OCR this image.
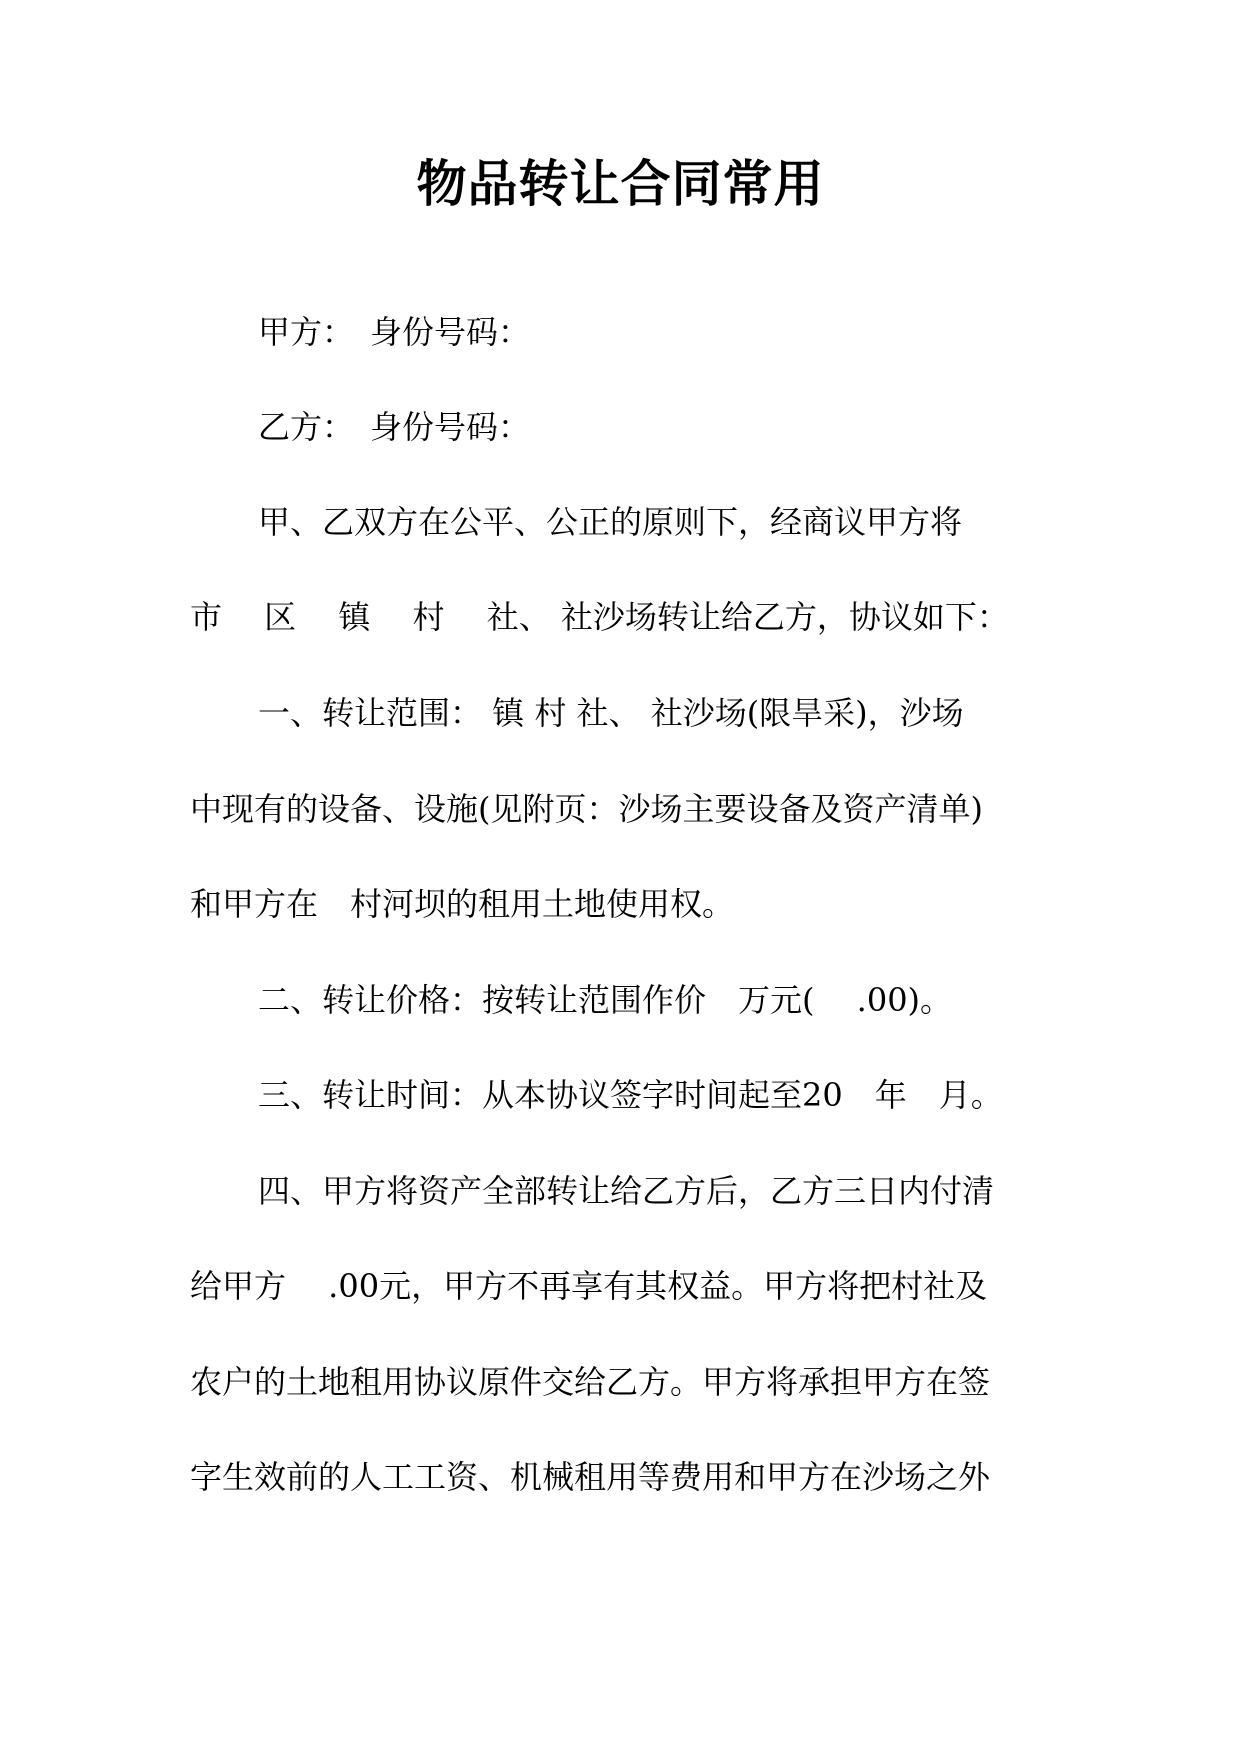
物品转让合同常用

甲方：　身份号码：

乙方：　身份号码：

甲、乙双方在公平、公正的原则下，经商议甲方将

市　 区　 镇　 村　 社、 社沙场转让给乙方，协议如下：

一、转让范围： 镇 村 社、 社沙场(限旱采)，沙场

中现有的设备、设施(见附页：沙场主要设备及资产清单)

和甲方在　村河坝的租用土地使用权。

二、转让价格：按转让范围作价　万元(　 .00)。

三、转让时间：从本协议签字时间起至20　年　月。

四、甲方将资产全部转让给乙方后，乙方三日内付清

给甲方　 .00元，甲方不再享有其权益。甲方将把村社及

农户的土地租用协议原件交给乙方。甲方将承担甲方在签

字生效前的人工工资、机械租用等费用和甲方在沙场之外
